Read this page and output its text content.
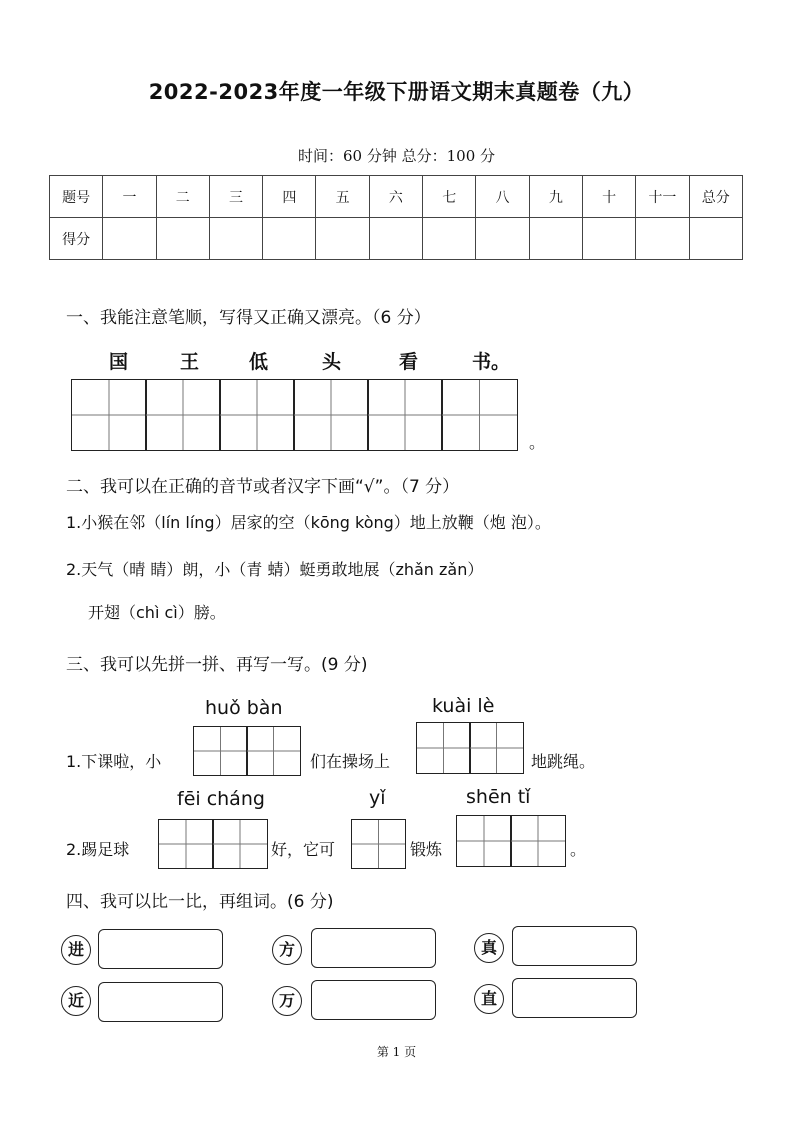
2022-2023年度一年级下册语文期末真题卷（九）
时间：60 分钟 总分：100 分
题号	一	二	三	四	五	六	七	八	九	十	十一	总分
得分												
一、我能注意笔顺，写得又正确又漂亮。（6 分）
国	王	低	头	看	书。
。
二、我可以在正确的音节或者汉字下画“√”。（7 分）
1.小猴在邻（lín líng）居家的空（kōng kòng）地上放鞭（炮 泡）。
2.天气（晴 睛）朗，小（青 蜻）蜓勇敢地展（zhǎn zǎn）
开翅（chì cì）膀。
三、我可以先拼一拼、再写一写。(9 分)
huǒ bàn	kuài lè
1.下课啦，小	们在操场上	地跳绳。
fēi cháng	yǐ	shēn tǐ
2.踢足球	好，它可	锻炼	。
四、我可以比一比，再组词。(6 分)
进	方	真
近	万	直
第 1 页
